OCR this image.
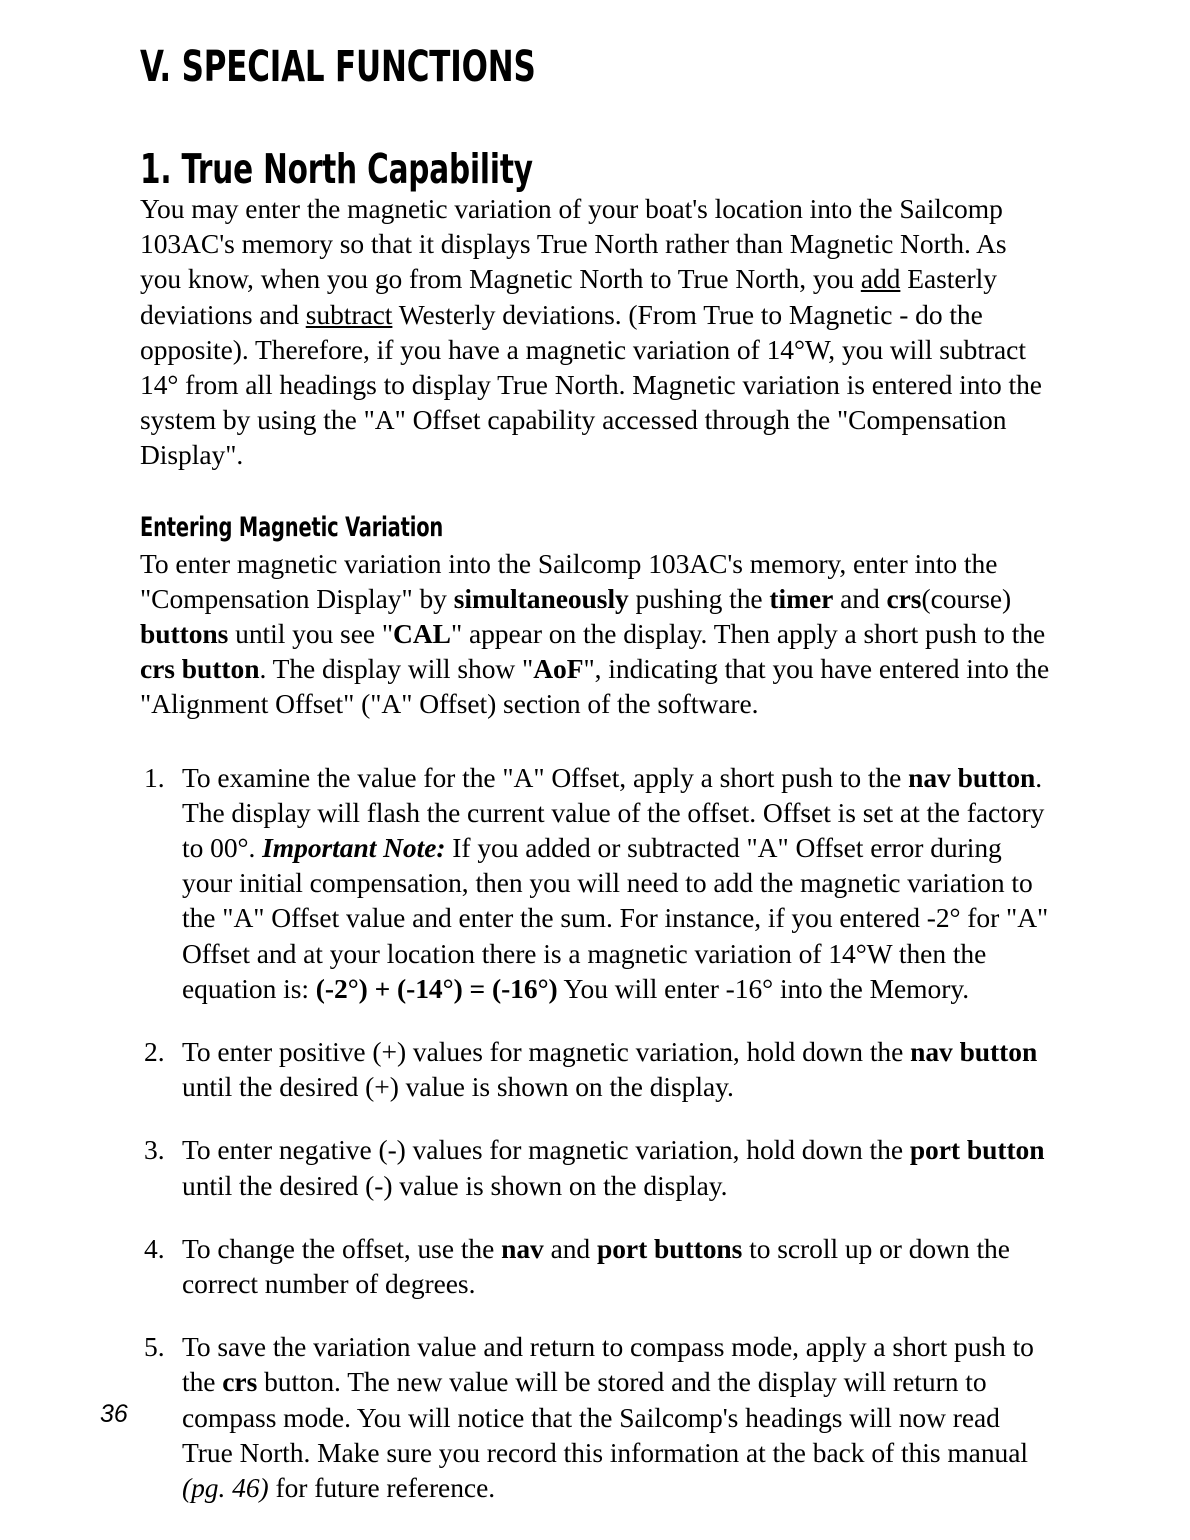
V. SPECIAL FUNCTIONS
1. True North Capability

You may enter the magnetic variation of your boat's location into the Sailcomp 103AC's memory so that it displays True North rather than Magnetic North. As you know, when you go from Magnetic North to True North, you add Easterly deviations and subtract Westerly deviations. (From True to Magnetic - do the opposite). Therefore, if you have a magnetic variation of 14°W, you will subtract 14° from all headings to display True North. Magnetic variation is entered into the system by using the "A" Offset capability accessed through the "Compensation Display".

Entering Magnetic Variation

To enter magnetic variation into the Sailcomp 103AC's memory, enter into the "Compensation Display" by simultaneously pushing the timer and crs(course) buttons until you see "CAL" appear on the display. Then apply a short push to the crs button. The display will show "AoF", indicating that you have entered into the "Alignment Offset" ("A" Offset) section of the software.

1. To examine the value for the "A" Offset, apply a short push to the nav button. The display will flash the current value of the offset. Offset is set at the factory to 00°. Important Note: If you added or subtracted "A" Offset error during your initial compensation, then you will need to add the magnetic variation to the "A" Offset value and enter the sum. For instance, if you entered -2° for "A" Offset and at your location there is a magnetic variation of 14°W then the equation is: (-2°) + (-14°) = (-16°) You will enter -16° into the Memory.
2. To enter positive (+) values for magnetic variation, hold down the nav button until the desired (+) value is shown on the display.
3. To enter negative (-) values for magnetic variation, hold down the port button until the desired (-) value is shown on the display.
4. To change the offset, use the nav and port buttons to scroll up or down the correct number of degrees.
5. To save the variation value and return to compass mode, apply a short push to the crs button. The new value will be stored and the display will return to compass mode. You will notice that the Sailcomp's headings will now read True North. Make sure you record this information at the back of this manual (pg. 46) for future reference.
36
